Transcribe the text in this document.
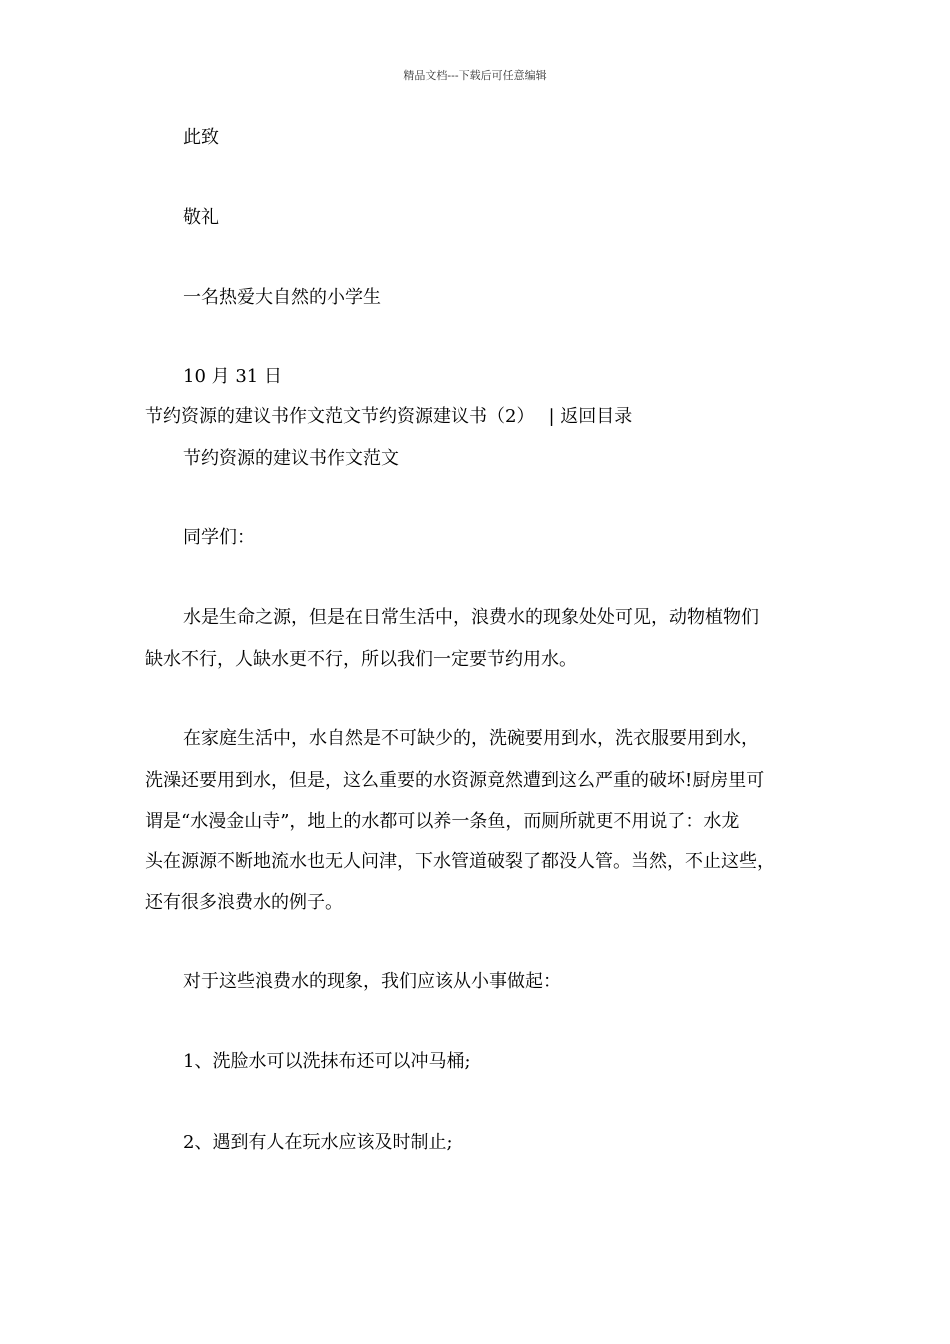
精品文档---下载后可任意编辑
此致
敬礼
一名热爱大自然的小学生
10 月 31 日
节约资源的建议书作文范文节约资源建议书（2） | 返回目录
节约资源的建议书作文范文
同学们：
水是生命之源，但是在日常生活中，浪费水的现象处处可见，动物植物们
缺水不行，人缺水更不行，所以我们一定要节约用水。
在家庭生活中，水自然是不可缺少的，洗碗要用到水，洗衣服要用到水，
洗澡还要用到水，但是，这么重要的水资源竟然遭到这么严重的破坏!厨房里可
谓是“水漫金山寺”，地上的水都可以养一条鱼，而厕所就更不用说了：水龙
头在源源不断地流水也无人问津，下水管道破裂了都没人管。当然，不止这些，
还有很多浪费水的例子。
对于这些浪费水的现象，我们应该从小事做起：
1、洗脸水可以洗抹布还可以冲马桶;
2、遇到有人在玩水应该及时制止;
